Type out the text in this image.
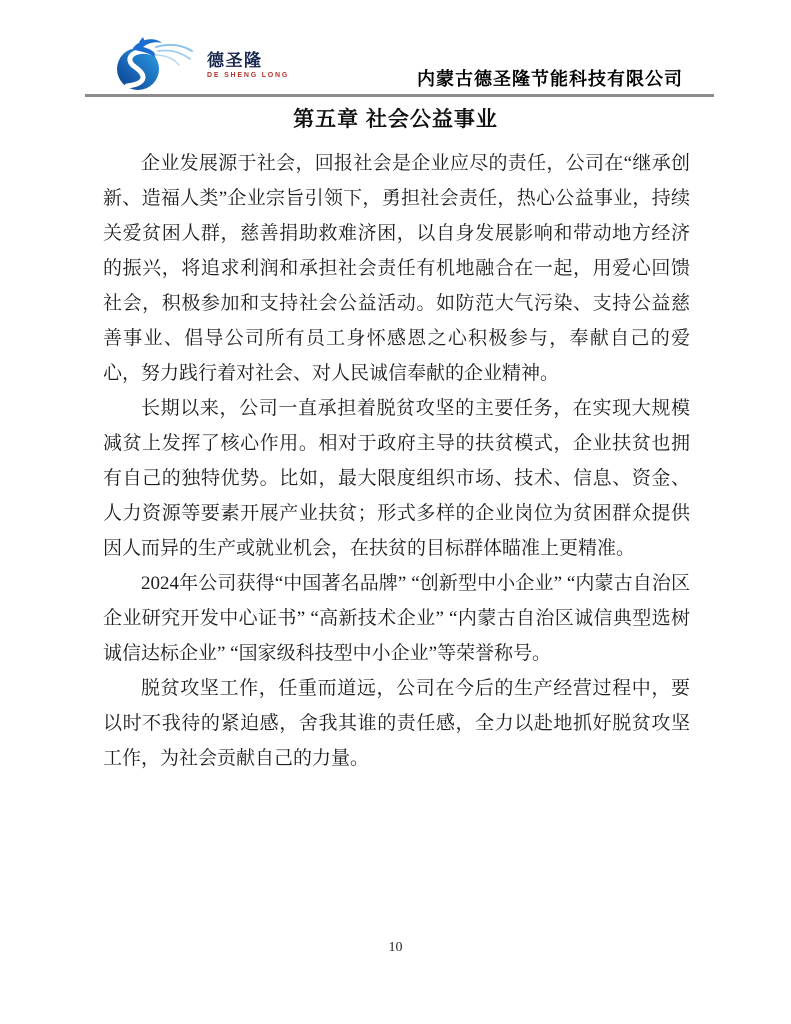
德圣隆
DE SHENG LONG	内蒙古德圣隆节能科技有限公司
第五章 社会公益事业

企业发展源于社会，回报社会是企业应尽的责任，公司在“继承创新、造福人类”企业宗旨引领下，勇担社会责任，热心公益事业，持续关爱贫困人群，慈善捐助救难济困，以自身发展影响和带动地方经济的振兴，将追求利润和承担社会责任有机地融合在一起，用爱心回馈社会，积极参加和支持社会公益活动。如防范大气污染、支持公益慈善事业、倡导公司所有员工身怀感恩之心积极参与，奉献自己的爱心，努力践行着对社会、对人民诚信奉献的企业精神。

长期以来，公司一直承担着脱贫攻坚的主要任务，在实现大规模减贫上发挥了核心作用。相对于政府主导的扶贫模式，企业扶贫也拥有自己的独特优势。比如，最大限度组织市场、技术、信息、资金、人力资源等要素开展产业扶贫；形式多样的企业岗位为贫困群众提供因人而异的生产或就业机会，在扶贫的目标群体瞄准上更精准。

2024年公司获得“中国著名品牌” “创新型中小企业” “内蒙古自治区企业研究开发中心证书” “高新技术企业” “内蒙古自治区诚信典型选树诚信达标企业” “国家级科技型中小企业”等荣誉称号。

脱贫攻坚工作，任重而道远，公司在今后的生产经营过程中，要以时不我待的紧迫感，舍我其谁的责任感，全力以赴地抓好脱贫攻坚工作，为社会贡献自己的力量。

10
